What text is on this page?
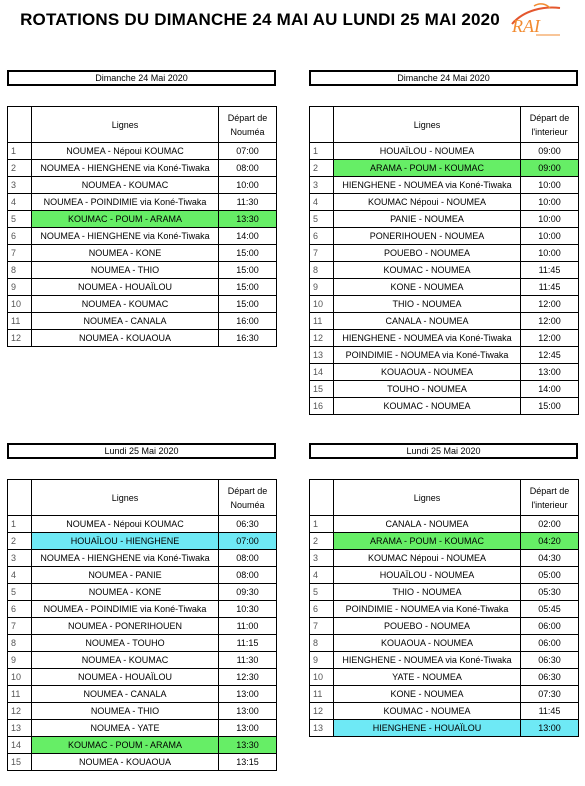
ROTATIONS DU DIMANCHE 24 MAI AU LUNDI 25 MAI 2020 RAI
Dimanche 24 Mai 2020
	Lignes	Départ de Nouméa
1	NOUMEA - Népoui KOUMAC	07:00
2	NOUMEA - HIENGHENE via Koné-Tiwaka	08:00
3	NOUMEA - KOUMAC	10:00
4	NOUMEA - POINDIMIE via Koné-Tiwaka	11:30
5	KOUMAC - POUM - ARAMA	13:30
6	NOUMEA - HIENGHENE via Koné-Tiwaka	14:00
7	NOUMEA - KONE	15:00
8	NOUMEA - THIO	15:00
9	NOUMEA - HOUAÏLOU	15:00
10	NOUMEA - KOUMAC	15:00
11	NOUMEA - CANALA	16:00
12	NOUMEA - KOUAOUA	16:30
Dimanche 24 Mai 2020
	Lignes	Départ de l'interieur
1	HOUAÏLOU - NOUMEA	09:00
2	ARAMA - POUM - KOUMAC	09:00
3	HIENGHENE - NOUMEA via Koné-Tiwaka	10:00
4	KOUMAC Népoui - NOUMEA	10:00
5	PANIE - NOUMEA	10:00
6	PONERIHOUEN - NOUMEA	10:00
7	POUEBO - NOUMEA	10:00
8	KOUMAC - NOUMEA	11:45
9	KONE - NOUMEA	11:45
10	THIO - NOUMEA	12:00
11	CANALA - NOUMEA	12:00
12	HIENGHENE - NOUMEA via Koné-Tiwaka	12:00
13	POINDIMIE - NOUMEA via Koné-Tiwaka	12:45
14	KOUAOUA - NOUMEA	13:00
15	TOUHO - NOUMEA	14:00
16	KOUMAC - NOUMEA	15:00
Lundi 25 Mai 2020
	Lignes	Départ de Nouméa
1	NOUMEA - Népoui KOUMAC	06:30
2	HOUAÏLOU - HIENGHENE	07:00
3	NOUMEA - HIENGHENE via Koné-Tiwaka	08:00
4	NOUMEA - PANIE	08:00
5	NOUMEA - KONE	09:30
6	NOUMEA - POINDIMIE via Koné-Tiwaka	10:30
7	NOUMEA - PONERIHOUEN	11:00
8	NOUMEA - TOUHO	11:15
9	NOUMEA - KOUMAC	11:30
10	NOUMEA - HOUAÏLOU	12:30
11	NOUMEA - CANALA	13:00
12	NOUMEA - THIO	13:00
13	NOUMEA - YATE	13:00
14	KOUMAC - POUM - ARAMA	13:30
15	NOUMEA - KOUAOUA	13:15
Lundi 25 Mai 2020
	Lignes	Départ de l'interieur
1	CANALA - NOUMEA	02:00
2	ARAMA - POUM - KOUMAC	04:20
3	KOUMAC Népoui - NOUMEA	04:30
4	HOUAÏLOU - NOUMEA	05:00
5	THIO - NOUMEA	05:30
6	POINDIMIE - NOUMEA via Koné-Tiwaka	05:45
7	POUEBO - NOUMEA	06:00
8	KOUAOUA - NOUMEA	06:00
9	HIENGHENE - NOUMEA via Koné-Tiwaka	06:30
10	YATE - NOUMEA	06:30
11	KONE - NOUMEA	07:30
12	KOUMAC - NOUMEA	11:45
13	HIENGHENE - HOUAÏLOU	13:00
